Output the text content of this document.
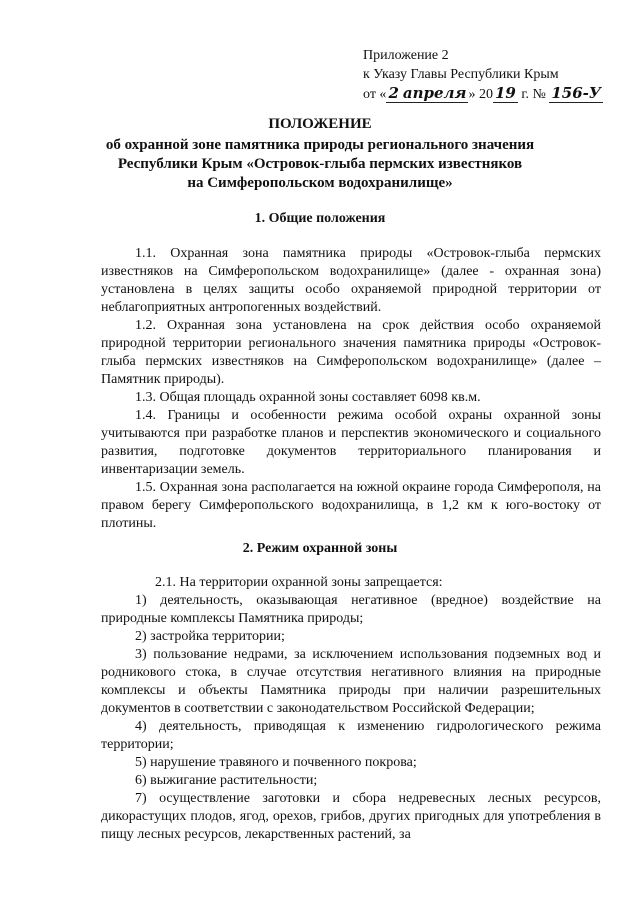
Приложение 2
к Указу Главы Республики Крым
от « 2 апреля » 20 19 г. № 156-У
ПОЛОЖЕНИЕ
об охранной зоне памятника природы регионального значения
Республики Крым «Островок-глыба пермских известняков
на Симферопольском водохранилище»
1. Общие положения

1.1. Охранная зона памятника природы «Островок-глыба пермских известняков на Симферопольском водохранилище» (далее - охранная зона) установлена в целях защиты особо охраняемой природной территории от неблагоприятных антропогенных воздействий.

1.2. Охранная зона установлена на срок действия особо охраняемой природной территории регионального значения памятника природы «Островок-глыба пермских известняков на Симферопольском водохранилище» (далее – Памятник природы).

1.3. Общая площадь охранной зоны составляет 6098 кв.м.

1.4. Границы и особенности режима особой охраны охранной зоны учитываются при разработке планов и перспектив экономического и социального развития, подготовке документов территориального планирования и инвентаризации земель.

1.5. Охранная зона располагается на южной окраине города Симферополя, на правом берегу Симферопольского водохранилища, в 1,2 км к юго-востоку от плотины.

2. Режим охранной зоны

2.1. На территории охранной зоны запрещается:

1) деятельность, оказывающая негативное (вредное) воздействие на природные комплексы Памятника природы;

2) застройка территории;

3) пользование недрами, за исключением использования подземных вод и родникового стока, в случае отсутствия негативного влияния на природные комплексы и объекты Памятника природы при наличии разрешительных документов в соответствии с законодательством Российской Федерации;

4) деятельность, приводящая к изменению гидрологического режима территории;

5) нарушение травяного и почвенного покрова;

6) выжигание растительности;

7) осуществление заготовки и сбора недревесных лесных ресурсов, дикорастущих плодов, ягод, орехов, грибов, других пригодных для употребления в пищу лесных ресурсов, лекарственных растений, за
